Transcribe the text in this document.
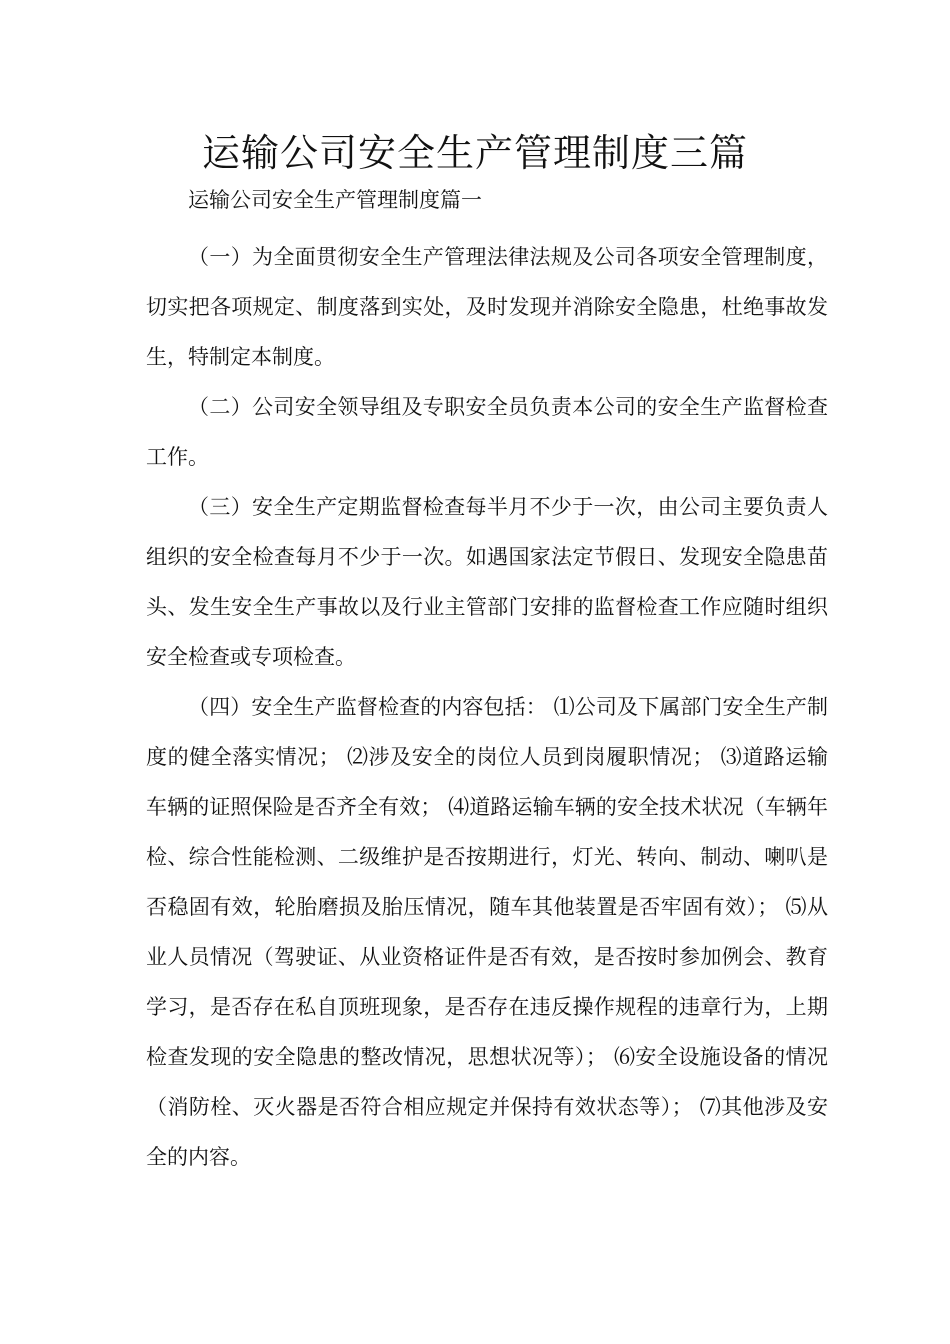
运输公司安全生产管理制度三篇

运输公司安全生产管理制度篇一

（一）为全面贯彻安全生产管理法律法规及公司各项安全管理制度，切实把各项规定、制度落到实处，及时发现并消除安全隐患，杜绝事故发生，特制定本制度。

（二）公司安全领导组及专职安全员负责本公司的安全生产监督检查工作。

（三）安全生产定期监督检查每半月不少于一次，由公司主要负责人组织的安全检查每月不少于一次。如遇国家法定节假日、发现安全隐患苗头、发生安全生产事故以及行业主管部门安排的监督检查工作应随时组织安全检查或专项检查。

（四）安全生产监督检查的内容包括： ⑴公司及下属部门安全生产制度的健全落实情况； ⑵涉及安全的岗位人员到岗履职情况； ⑶道路运输车辆的证照保险是否齐全有效； ⑷道路运输车辆的安全技术状况（车辆年检、综合性能检测、二级维护是否按期进行，灯光、转向、制动、喇叭是否稳固有效，轮胎磨损及胎压情况，随车其他装置是否牢固有效）； ⑸从业人员情况（驾驶证、从业资格证件是否有效，是否按时参加例会、教育学习，是否存在私自顶班现象，是否存在违反操作规程的违章行为，上期检查发现的安全隐患的整改情况，思想状况等）； ⑹安全设施设备的情况（消防栓、灭火器是否符合相应规定并保持有效状态等）； ⑺其他涉及安全的内容。
